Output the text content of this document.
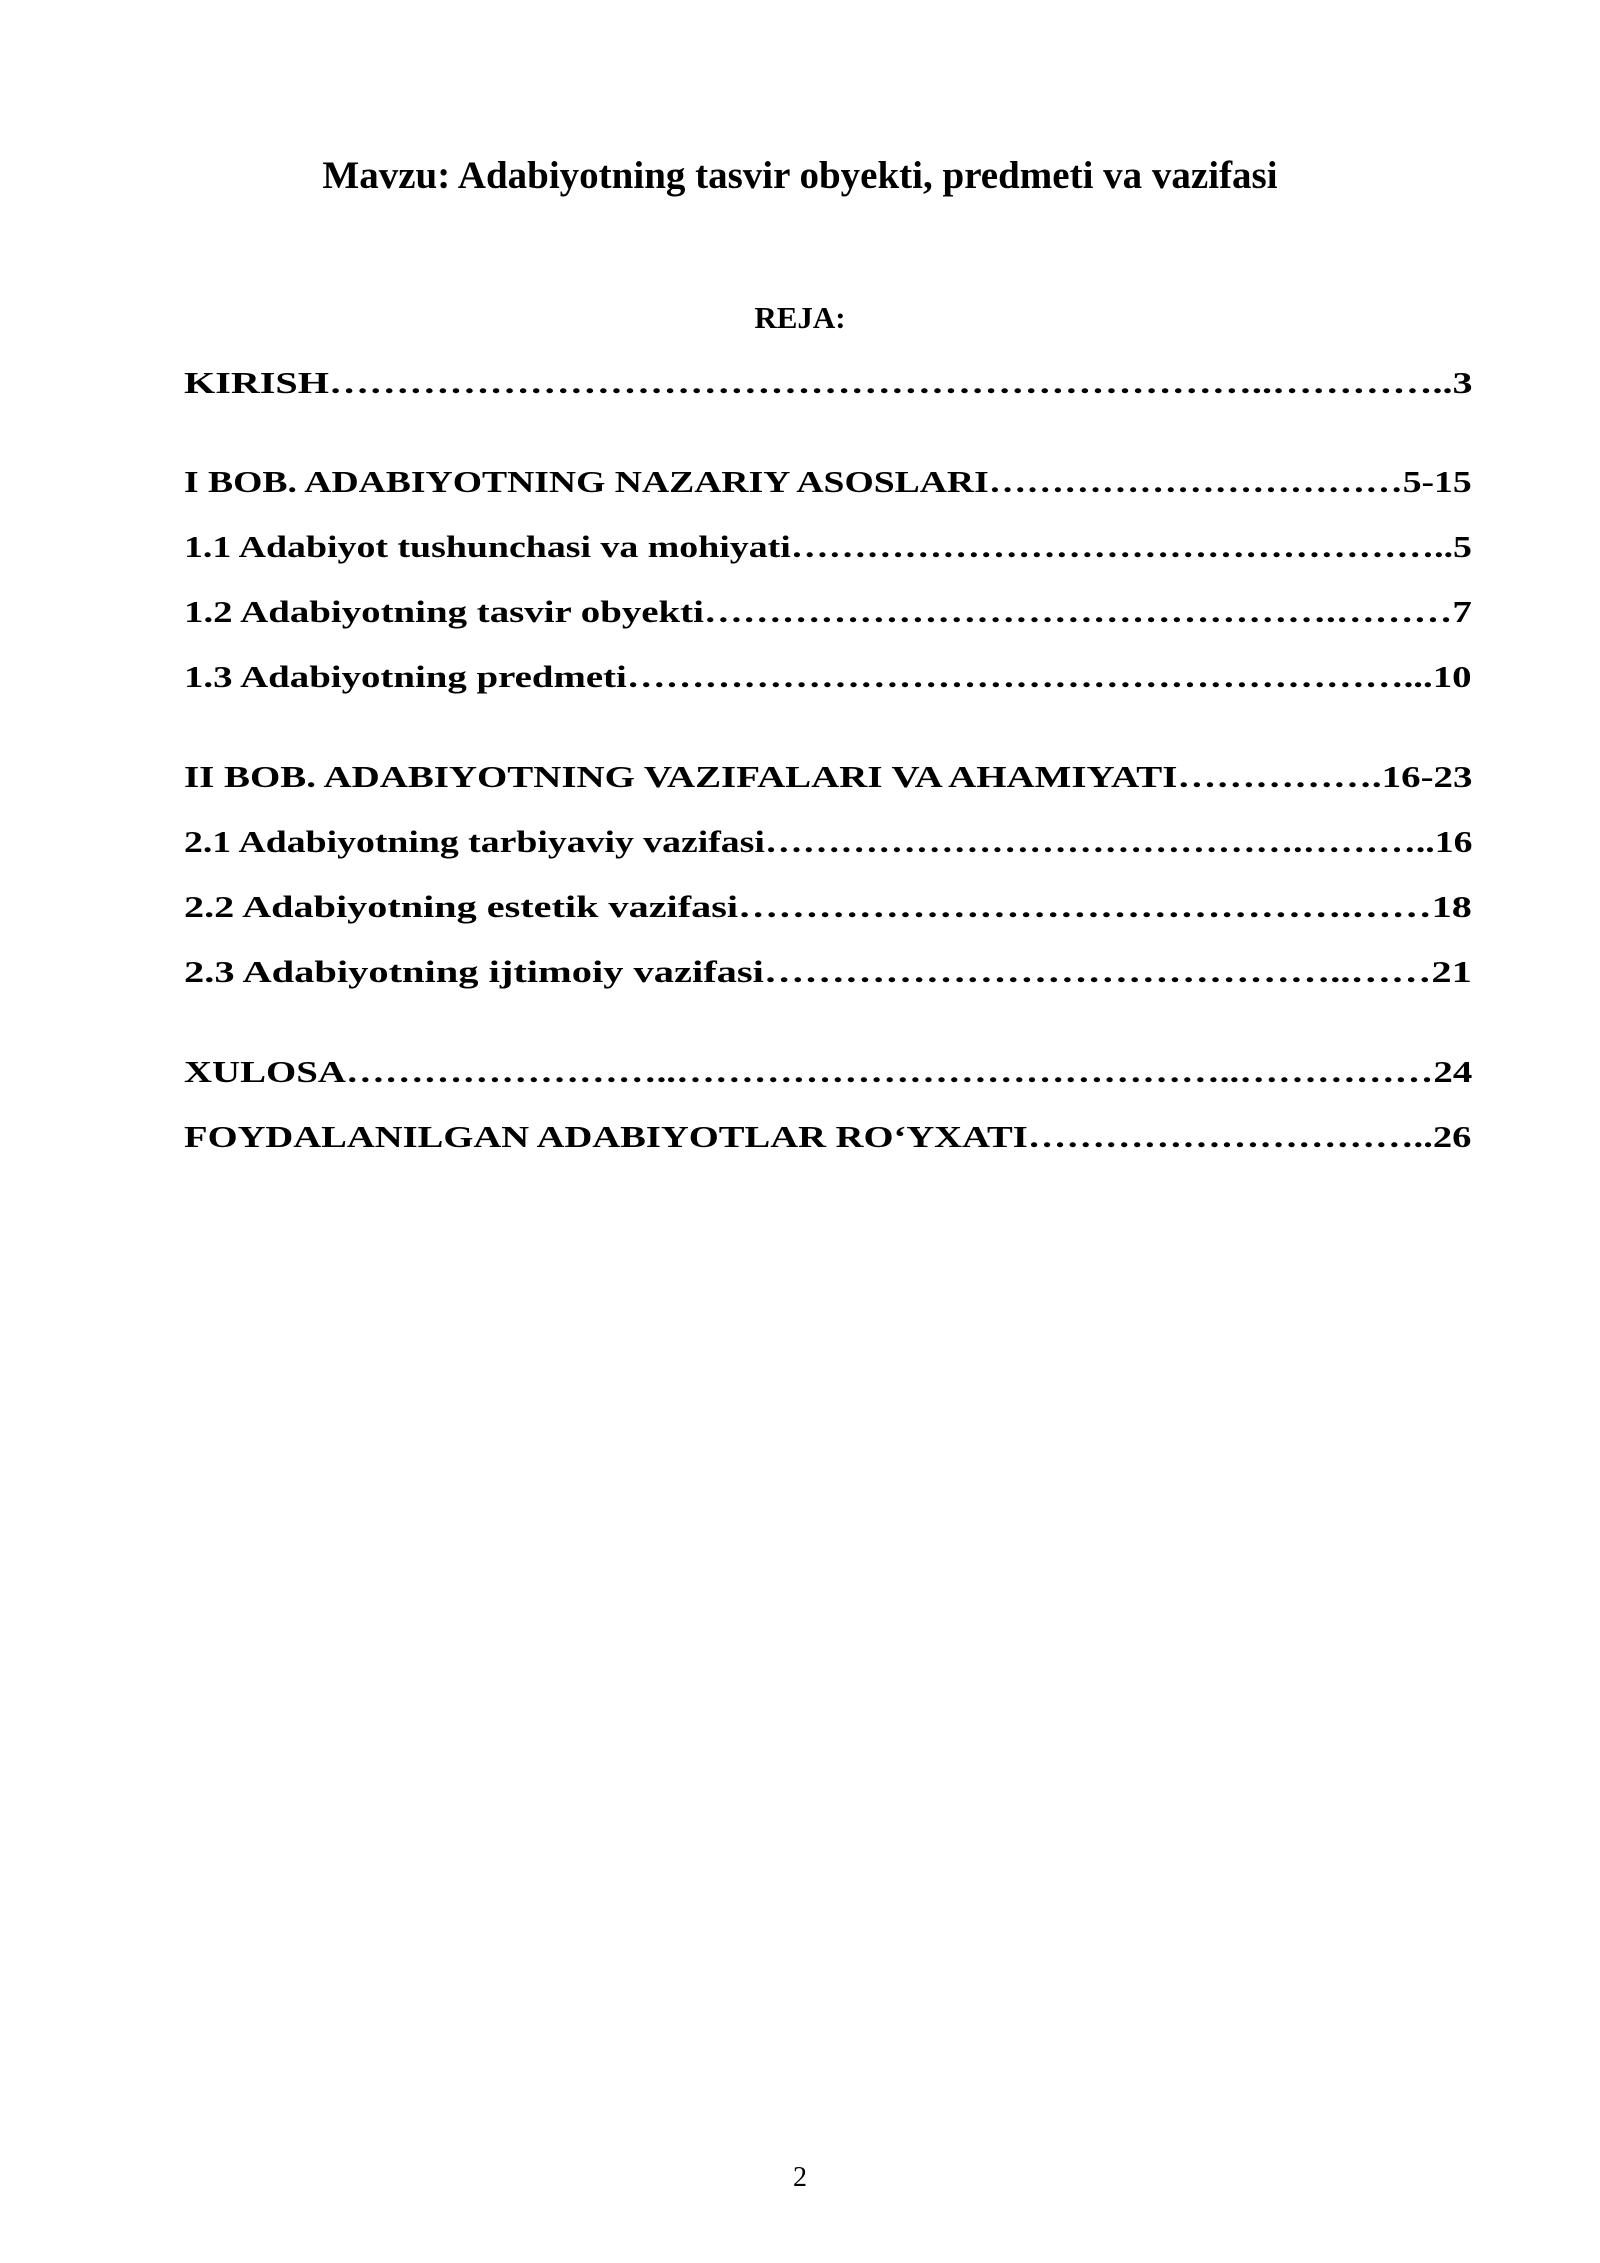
Mavzu: Adabiyotning tasvir obyekti, predmeti va vazifasi
REJA:
KIRISH……………………………………………………………..…………..3
I BOB. ADABIYOTNING NAZARIY ASOSLARI……………………………5-15
1.1 Adabiyot tushunchasi va mohiyati……………………………………………..5
1.2 Adabiyotning tasvir obyekti………………………………………….………7
1.3 Adabiyotning predmeti……………………………………………………...10
II BOB. ADABIYOTNING VAZIFALARI VA AHAMIYATI…………….16-23
2.1 Adabiyotning tarbiyaviy vazifasi…………………………………….………..16
2.2 Adabiyotning estetik vazifasi……………………………………….……18
2.3 Adabiyotning ijtimoiy vazifasi……………………………………..……21
XULOSA……………………..……………………………………..……………24
FOYDALANILGAN ADABIYOTLAR RO‘YXATI…………………………..26
2
